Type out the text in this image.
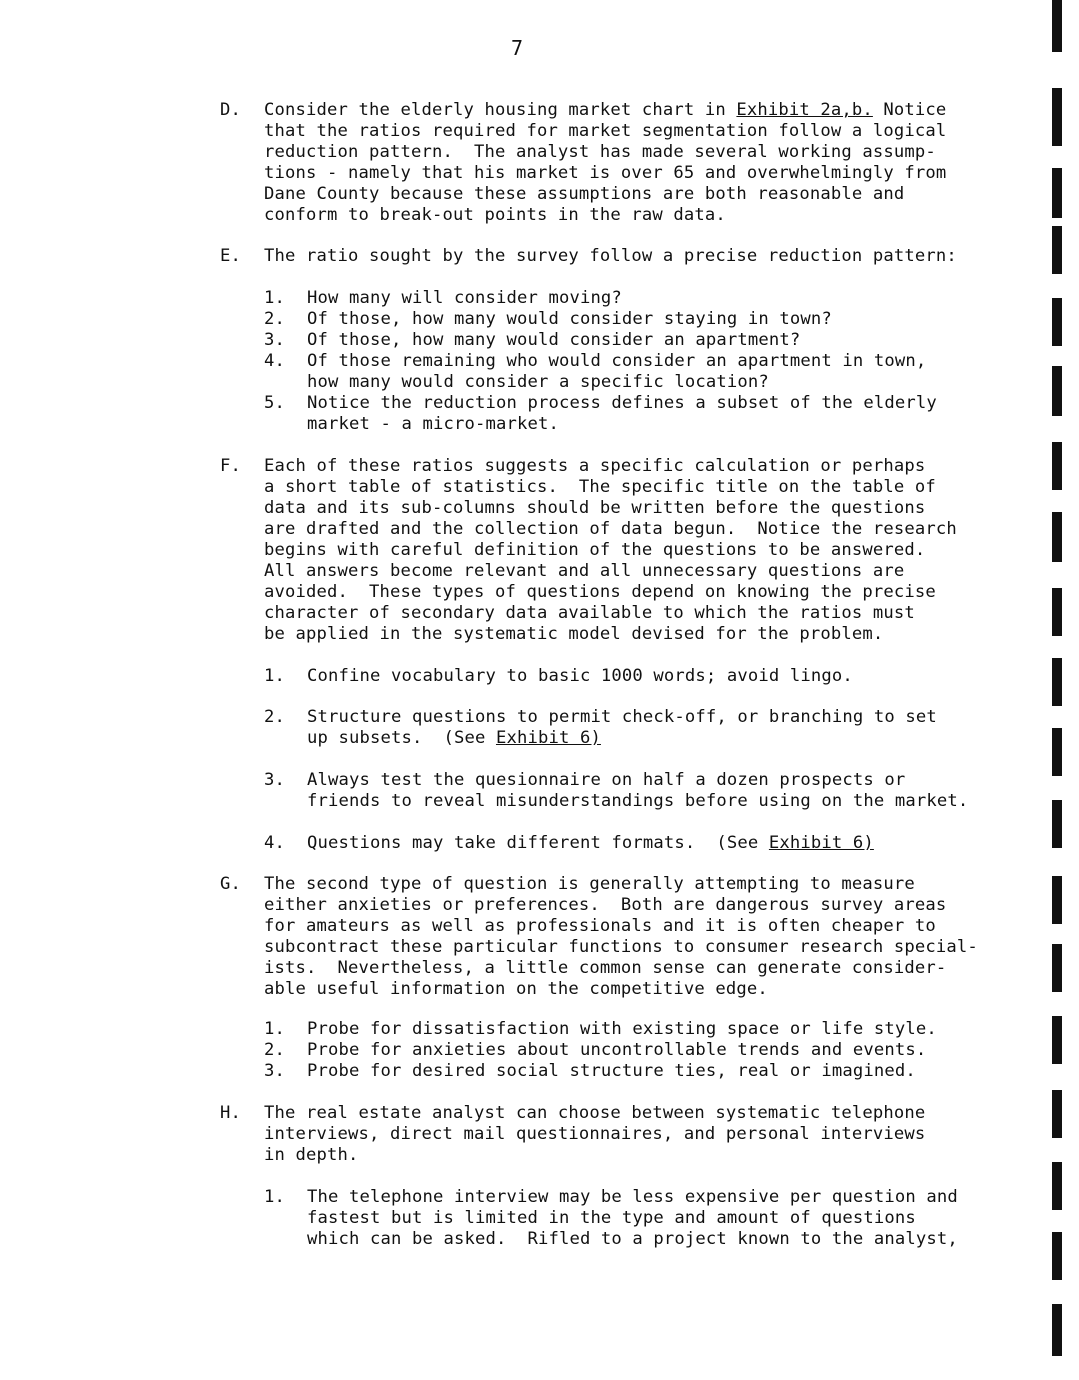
7
D. Consider the elderly housing market chart in Exhibit 2a,b. Notice
that the ratios required for market segmentation follow a logical
reduction pattern.  The analyst has made several working assump-
tions - namely that his market is over 65 and overwhelmingly from
Dane County because these assumptions are both reasonable and
conform to break-out points in the raw data.
E. The ratio sought by the survey follow a precise reduction pattern:
1. How many will consider moving?
2. Of those, how many would consider staying in town?
3. Of those, how many would consider an apartment?
4. Of those remaining who would consider an apartment in town,
how many would consider a specific location?
5. Notice the reduction process defines a subset of the elderly
market - a micro-market.
F. Each of these ratios suggests a specific calculation or perhaps
a short table of statistics.  The specific title on the table of
data and its sub-columns should be written before the questions
are drafted and the collection of data begun.  Notice the research
begins with careful definition of the questions to be answered.
All answers become relevant and all unnecessary questions are
avoided.  These types of questions depend on knowing the precise
character of secondary data available to which the ratios must
be applied in the systematic model devised for the problem.
1. Confine vocabulary to basic 1000 words; avoid lingo.
2. Structure questions to permit check-off, or branching to set
up subsets.  (See Exhibit 6)
3. Always test the quesionnaire on half a dozen prospects or
friends to reveal misunderstandings before using on the market.
4. Questions may take different formats.  (See Exhibit 6)
G. The second type of question is generally attempting to measure
either anxieties or preferences.  Both are dangerous survey areas
for amateurs as well as professionals and it is often cheaper to
subcontract these particular functions to consumer research special-
ists.  Nevertheless, a little common sense can generate consider-
able useful information on the competitive edge.
1. Probe for dissatisfaction with existing space or life style.
2. Probe for anxieties about uncontrollable trends and events.
3. Probe for desired social structure ties, real or imagined.
H. The real estate analyst can choose between systematic telephone
interviews, direct mail questionnaires, and personal interviews
in depth.
1. The telephone interview may be less expensive per question and
fastest but is limited in the type and amount of questions
which can be asked.  Rifled to a project known to the analyst,
